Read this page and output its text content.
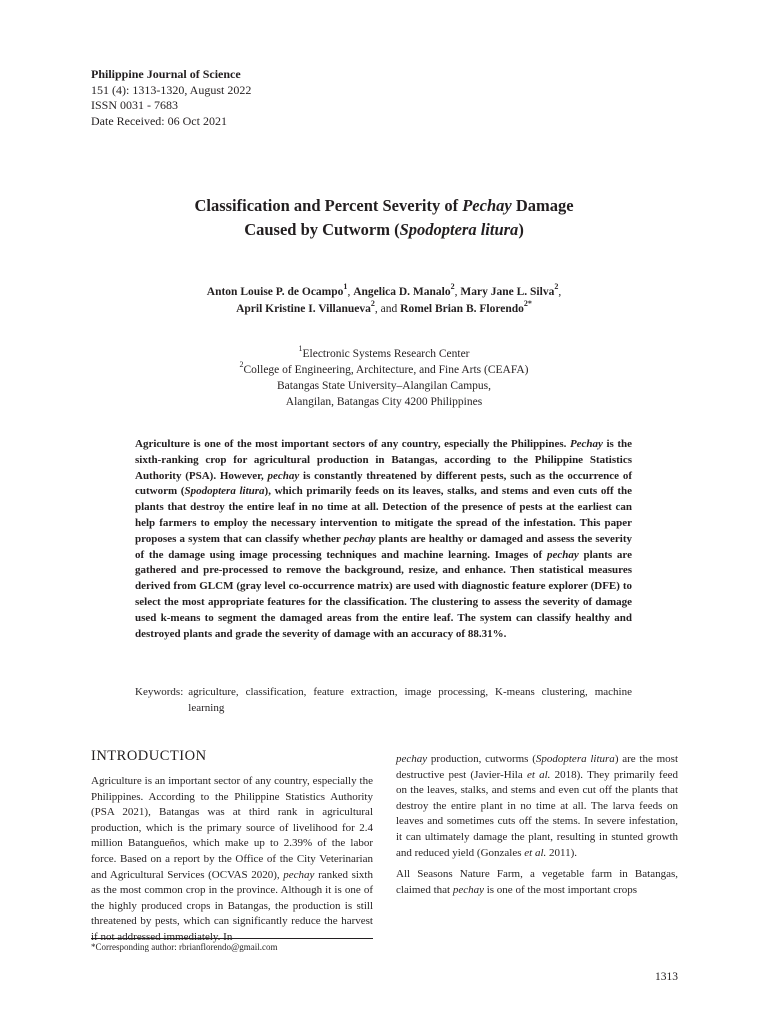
Philippine Journal of Science
151 (4): 1313-1320, August 2022
ISSN 0031 - 7683
Date Received: 06 Oct 2021
Classification and Percent Severity of Pechay Damage
Caused by Cutworm (Spodoptera litura)
Anton Louise P. de Ocampo$^1$, Angelica D. Manalo$^2$, Mary Jane L. Silva$^2$,
April Kristine I. Villanueva$^2$, and Romel Brian B. Florendo$^{2*}$
$^1$Electronic Systems Research Center
$^2$College of Engineering, Architecture, and Fine Arts (CEAFA)
Batangas State University–Alangilan Campus,
Alangilan, Batangas City 4200 Philippines
Agriculture is one of the most important sectors of any country, especially the Philippines. Pechay is the sixth-ranking crop for agricultural production in Batangas, according to the Philippine Statistics Authority (PSA). However, pechay is constantly threatened by different pests, such as the occurrence of cutworm (Spodoptera litura), which primarily feeds on its leaves, stalks, and stems and even cuts off the plants that destroy the entire leaf in no time at all. Detection of the presence of pests at the earliest can help farmers to employ the necessary intervention to mitigate the spread of the infestation. This paper proposes a system that can classify whether pechay plants are healthy or damaged and assess the severity of the damage using image processing techniques and machine learning. Images of pechay plants are gathered and pre-processed to remove the background, resize, and enhance. Then statistical measures derived from GLCM (gray level co-occurrence matrix) are used with diagnostic feature explorer (DFE) to select the most appropriate features for the classification. The clustering to assess the severity of damage used k-means to segment the damaged areas from the entire leaf. The system can classify healthy and destroyed plants and grade the severity of damage with an accuracy of 88.31%.
Keywords: agriculture, classification, feature extraction, image processing, K-means clustering, machine learning
INTRODUCTION

Agriculture is an important sector of any country, especially the Philippines. According to the Philippine Statistics Authority (PSA 2021), Batangas was at third rank in agricultural production, which is the primary source of livelihood for 2.4 million Batangueños, which make up to 2.39% of the labor force. Based on a report by the Office of the City Veterinarian and Agricultural Services (OCVAS 2020), pechay ranked sixth as the most common crop in the province. Although it is one of the highly produced crops in Batangas, the production is still threatened by pests, which can significantly reduce the harvest if not addressed immediately. In

pechay production, cutworms (Spodoptera litura) are the most destructive pest (Javier-Hila et al. 2018). They primarily feed on the leaves, stalks, and stems and even cut off the plants that destroy the entire plant in no time at all. The larva feeds on leaves and sometimes cuts off the stems. In severe infestation, it can ultimately damage the plant, resulting in stunted growth and reduced yield (Gonzales et al. 2011).

All Seasons Nature Farm, a vegetable farm in Batangas, claimed that pechay is one of the most important crops

*Corresponding author: rbrianflorendo@gmail.com
1313
